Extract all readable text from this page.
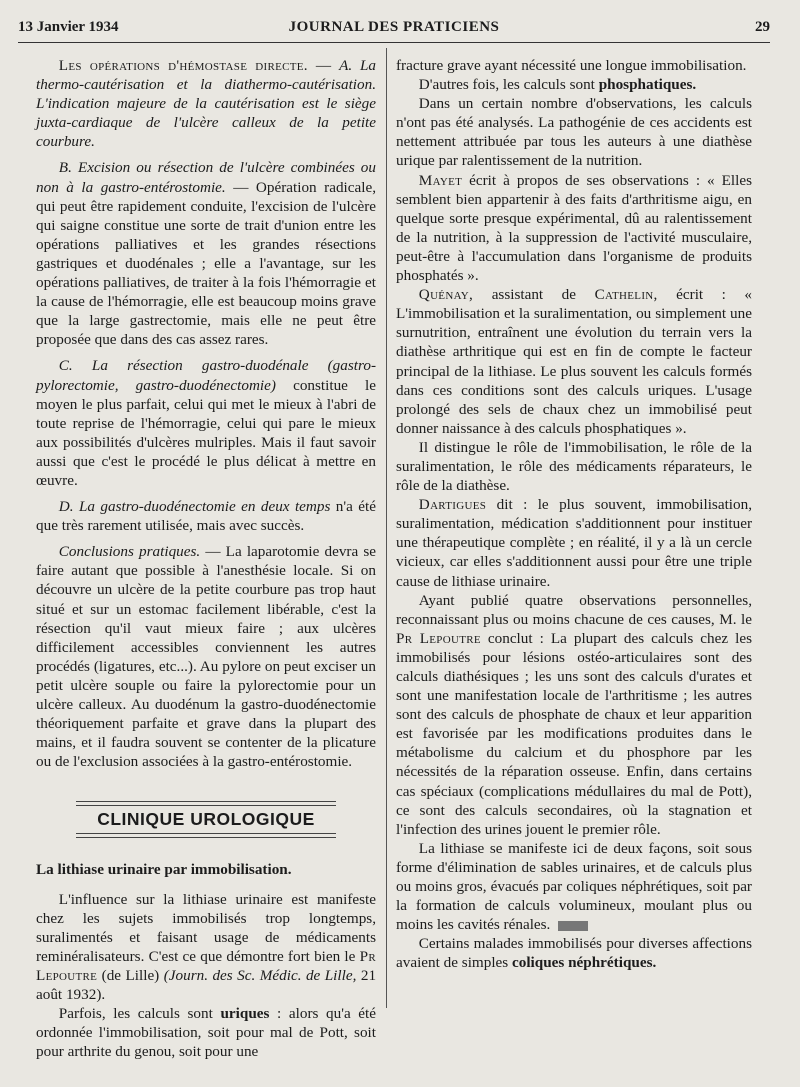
13 Janvier 1934	JOURNAL DES PRATICIENS	29

Les opérations d'hémostase directe. — A. La thermo-cautérisation et la diathermo-cautérisation. L'indication majeure de la cautérisation est le siège juxta-cardiaque de l'ulcère calleux de la petite courbure.

B. Excision ou résection de l'ulcère combinées ou non à la gastro-entérostomie. — Opération radicale, qui peut être rapidement conduite, l'excision de l'ulcère qui saigne constitue une sorte de trait d'union entre les opérations palliatives et les grandes résections gastriques et duodénales ; elle a l'avantage, sur les opérations palliatives, de traiter à la fois l'hémorragie et la cause de l'hémorragie, elle est beaucoup moins grave que la large gastrectomie, mais elle ne peut être proposée que dans des cas assez rares.

C. La résection gastro-duodénale (gastro-pylorectomie, gastro-duodénectomie) constitue le moyen le plus parfait, celui qui met le mieux à l'abri de toute reprise de l'hémorragie, celui qui pare le mieux aux possibilités d'ulcères mulriples. Mais il faut savoir aussi que c'est le procédé le plus délicat à mettre en œuvre.

D. La gastro-duodénectomie en deux temps n'a été que très rarement utilisée, mais avec succès.

Conclusions pratiques. — La laparotomie devra se faire autant que possible à l'anesthésie locale. Si on découvre un ulcère de la petite courbure pas trop haut situé et sur un estomac facilement libérable, c'est la résection qu'il vaut mieux faire ; aux ulcères difficilement accessibles conviennent les autres procédés (ligatures, etc...). Au pylore on peut exciser un petit ulcère souple ou faire la pylorectomie pour un ulcère calleux. Au duodénum la gastro-duodénectomie théoriquement parfaite et grave dans la plupart des mains, et il faudra souvent se contenter de la plicature ou de l'exclusion associées à la gastro-entérostomie.

CLINIQUE UROLOGIQUE
La lithiase urinaire par immobilisation.

L'influence sur la lithiase urinaire est manifeste chez les sujets immobilisés trop longtemps, suralimentés et faisant usage de médicaments reminéralisateurs. C'est ce que démontre fort bien le Pr Lepoutre (de Lille) (Journ. des Sc. Médic. de Lille, 21 août 1932).

Parfois, les calculs sont uriques : alors qu'a été ordonnée l'immobilisation, soit pour mal de Pott, soit pour arthrite du genou, soit pour une

fracture grave ayant nécessité une longue immobilisation.

D'autres fois, les calculs sont phosphatiques.

Dans un certain nombre d'observations, les calculs n'ont pas été analysés. La pathogénie de ces accidents est nettement attribuée par tous les auteurs à une diathèse urique par ralentissement de la nutrition.

Mayet écrit à propos de ses observations : « Elles semblent bien appartenir à des faits d'arthritisme aigu, en quelque sorte presque expérimental, dû au ralentissement de la nutrition, à la suppression de l'activité musculaire, peut-être à l'accumulation dans l'organisme de produits phosphatés ».

Quénay, assistant de Cathelin, écrit : « L'immobilisation et la suralimentation, ou simplement une surnutrition, entraînent une évolution du terrain vers la diathèse arthritique qui est en fin de compte le facteur principal de la lithiase. Le plus souvent les calculs formés dans ces conditions sont des calculs uriques. L'usage prolongé des sels de chaux chez un immobilisé peut donner naissance à des calculs phosphatiques ».

Il distingue le rôle de l'immobilisation, le rôle de la suralimentation, le rôle des médicaments réparateurs, le rôle de la diathèse.

Dartigues dit : le plus souvent, immobilisation, suralimentation, médication s'additionnent pour instituer une thérapeutique complète ; en réalité, il y a là un cercle vicieux, car elles s'additionnent aussi pour être une triple cause de lithiase urinaire.

Ayant publié quatre observations personnelles, reconnaissant plus ou moins chacune de ces causes, M. le Pr Lepoutre conclut : La plupart des calculs chez les immobilisés pour lésions ostéo-articulaires sont des calculs diathésiques ; les uns sont des calculs d'urates et sont une manifestation locale de l'arthritisme ; les autres sont des calculs de phosphate de chaux et leur apparition est favorisée par les modifications produites dans le métabolisme du calcium et du phosphore par les nécessités de la réparation osseuse. Enfin, dans certains cas spéciaux (complications médullaires du mal de Pott), ce sont des calculs secondaires, où la stagnation et l'infection des urines jouent le premier rôle.

La lithiase se manifeste ici de deux façons, soit sous forme d'élimination de sables urinaires, et de calculs plus ou moins gros, évacués par coliques néphrétiques, soit par la formation de calculs volumineux, moulant plus ou moins les cavités rénales.

Certains malades immobilisés pour diverses affections avaient de simples coliques néphrétiques.
